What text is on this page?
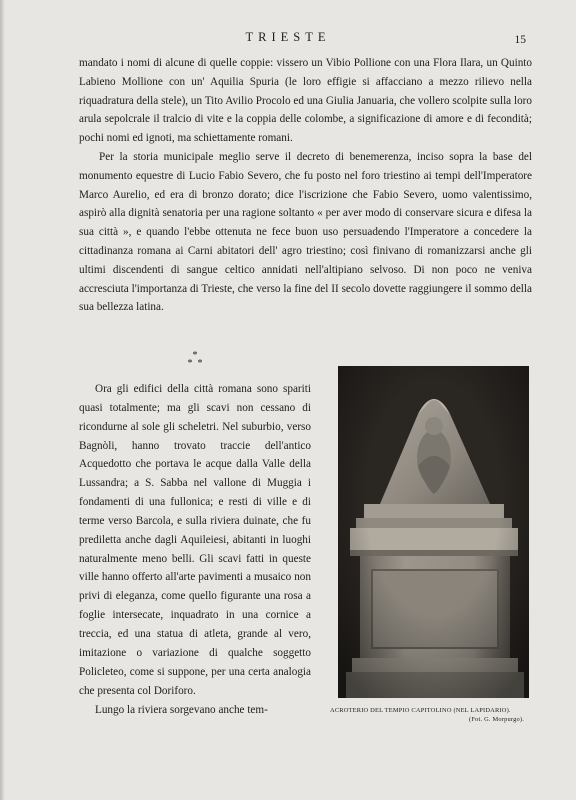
TRIESTE	15

mandato i nomi di alcune di quelle coppie: vissero un Vibio Pollione con una Flora Ilara, un Quinto Labieno Mollione con un' Aquilia Spuria (le loro effigie si affacciano a mezzo rilievo nella riquadratura della stele), un Tito Avilio Procolo ed una Giulia Januaria, che vollero scolpite sulla loro arula sepolcrale il tralcio di vite e la coppia delle colombe, a significazione di amore e di fecondità; pochi nomi ed ignoti, ma schiettamente romani.

Per la storia municipale meglio serve il decreto di benemerenza, inciso sopra la base del monumento equestre di Lucio Fabio Severo, che fu posto nel foro triestino ai tempi dell'Imperatore Marco Aurelio, ed era di bronzo dorato; dice l'iscrizione che Fabio Severo, uomo valentissimo, aspirò alla dignità senatoria per una ragione soltanto « per aver modo di conservare sicura e difesa la sua città », e quando l'ebbe ottenuta ne fece buon uso persuadendo l'Imperatore a concedere la cittadinanza romana ai Carni abitatori dell' agro triestino; così finivano di romanizzarsi anche gli ultimi discendenti di sangue celtico annidati nell'altipiano selvoso. Di non poco ne veniva accresciuta l'importanza di Trieste, che verso la fine del II secolo dovette raggiungere il sommo della sua bellezza latina.

*
*  *

Ora gli edifici della città romana sono spariti quasi totalmente; ma gli scavi non cessano di ricondurne al sole gli scheletri. Nel suburbio, verso Bagnòli, hanno trovato traccie dell'antico Acquedotto che portava le acque dalla Valle della Lussandra; a S. Sabba nel vallone di Muggia i fondamenti di una fullonica; e resti di ville e di terme verso Barcola, e sulla riviera duinate, che fu prediletta anche dagli Aquileiesi, abitanti in luoghi naturalmente meno belli. Gli scavi fatti in queste ville hanno offerto all'arte pavimenti a musaico non privi di eleganza, come quello figurante una rosa a foglie intersecate, inquadrato in una cornice a treccia, ed una statua di atleta, grande al vero, imitazione o variazione di qualche soggetto Policleteo, come si suppone, per una certa analogia che presenta col Doriforo.

Lungo la riviera sorgevano anche tem-	ACROTERIO DEL TEMPIO CAPITOLINO (NEL LAPIDARIO).
(Fot. G. Morpurgo).
